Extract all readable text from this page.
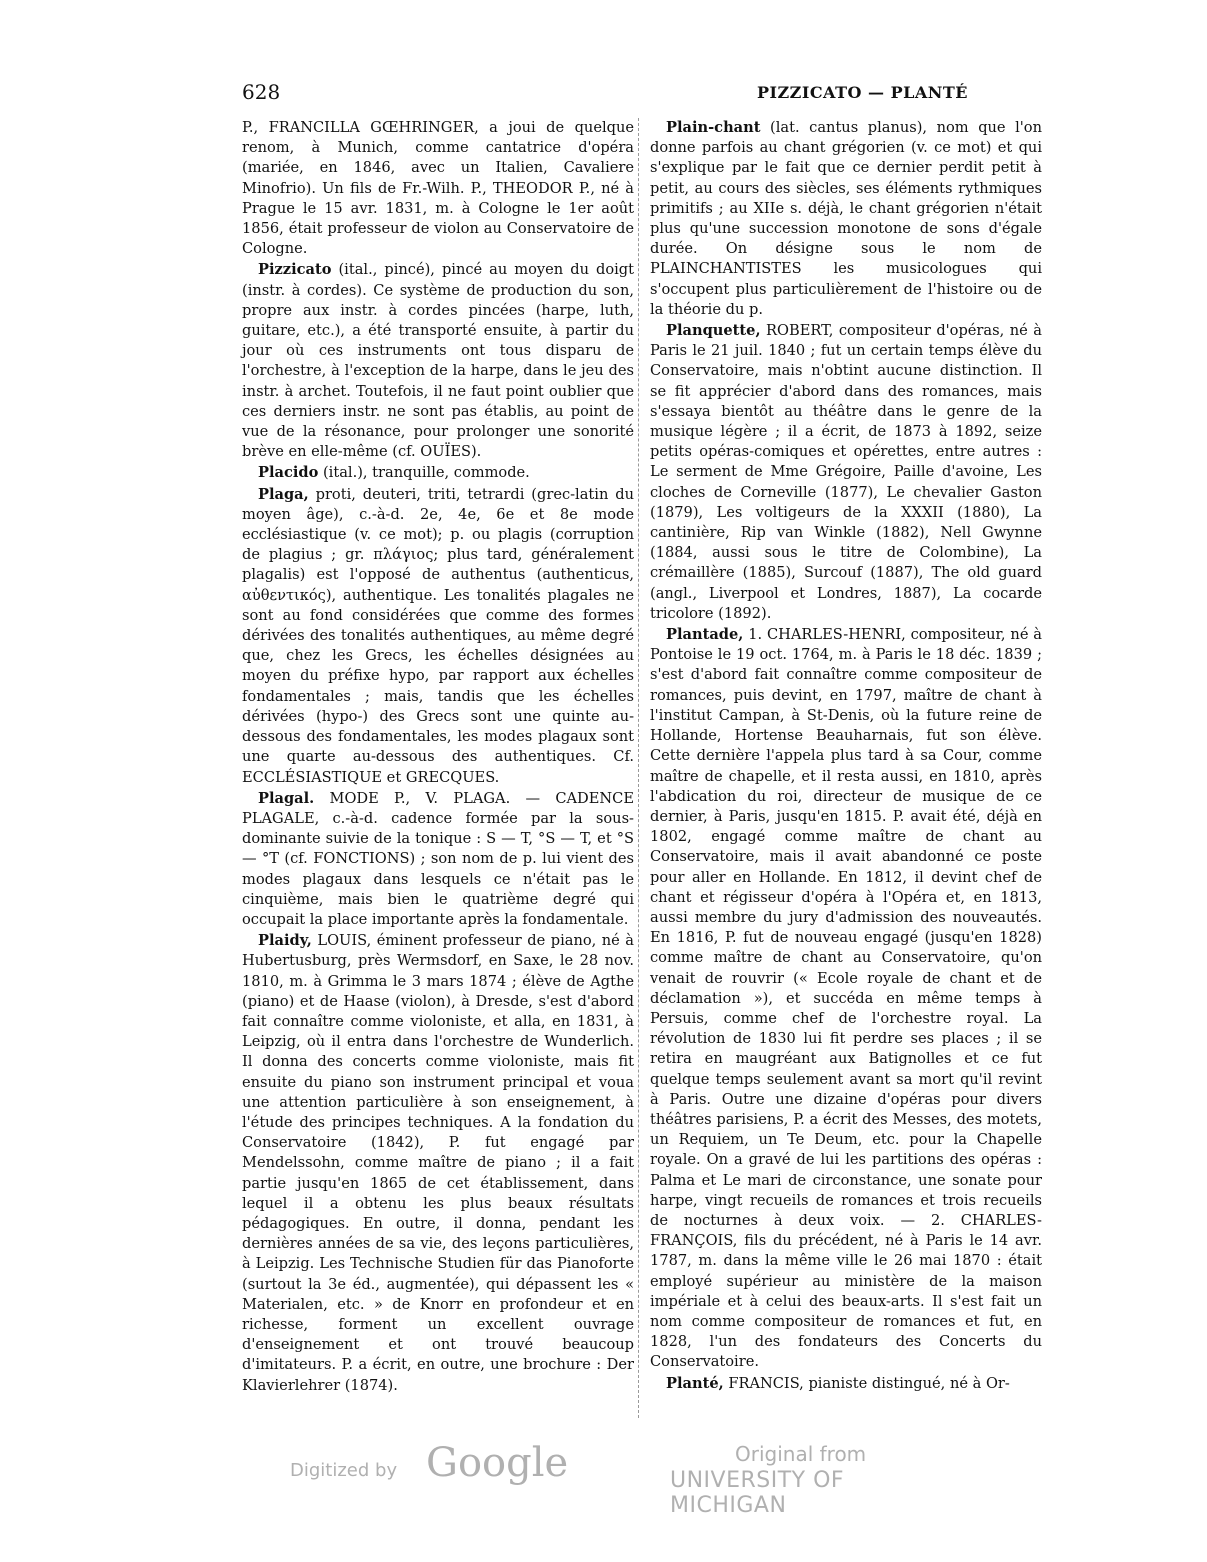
628	PIZZICATO — PLANTÉ

P., FRANCILLA GŒHRINGER, a joui de quelque renom, à Munich, comme cantatrice d'opéra (mariée, en 1846, avec un Italien, Cavaliere Minofrio). Un fils de Fr.-Wilh. P., THEODOR P., né à Prague le 15 avr. 1831, m. à Cologne le 1er août 1856, était professeur de violon au Conservatoire de Cologne.

Pizzicato (ital., pincé), pincé au moyen du doigt (instr. à cordes). Ce système de production du son, propre aux instr. à cordes pincées (harpe, luth, guitare, etc.), a été transporté ensuite, à partir du jour où ces instruments ont tous disparu de l'orchestre, à l'exception de la harpe, dans le jeu des instr. à archet. Toutefois, il ne faut point oublier que ces derniers instr. ne sont pas établis, au point de vue de la résonance, pour prolonger une sonorité brève en elle-même (cf. OUÏES).

Placido (ital.), tranquille, commode.

Plaga, proti, deuteri, triti, tetrardi (grec-latin du moyen âge), c.-à-d. 2e, 4e, 6e et 8e mode ecclésiastique (v. ce mot); p. ou plagis (corruption de plagius ; gr. πλάγιος; plus tard, généralement plagalis) est l'opposé de authentus (authenticus, αὐθεντικός), authentique. Les tonalités plagales ne sont au fond considérées que comme des formes dérivées des tonalités authentiques, au même degré que, chez les Grecs, les échelles désignées au moyen du préfixe hypo, par rapport aux échelles fondamentales ; mais, tandis que les échelles dérivées (hypo-) des Grecs sont une quinte au-dessous des fondamentales, les modes plagaux sont une quarte au-dessous des authentiques. Cf. ECCLÉSIASTIQUE et GRECQUES.

Plagal. MODE P., V. PLAGA. — CADENCE PLAGALE, c.-à-d. cadence formée par la sous-dominante suivie de la tonique : S — T, °S — T, et °S — °T (cf. FONCTIONS) ; son nom de p. lui vient des modes plagaux dans lesquels ce n'était pas le cinquième, mais bien le quatrième degré qui occupait la place importante après la fondamentale.

Plaidy, LOUIS, éminent professeur de piano, né à Hubertusburg, près Wermsdorf, en Saxe, le 28 nov. 1810, m. à Grimma le 3 mars 1874 ; élève de Agthe (piano) et de Haase (violon), à Dresde, s'est d'abord fait connaître comme violoniste, et alla, en 1831, à Leipzig, où il entra dans l'orchestre de Wunderlich. Il donna des concerts comme violoniste, mais fit ensuite du piano son instrument principal et voua une attention particulière à son enseignement, à l'étude des principes techniques. A la fondation du Conservatoire (1842), P. fut engagé par Mendelssohn, comme maître de piano ; il a fait partie jusqu'en 1865 de cet établissement, dans lequel il a obtenu les plus beaux résultats pédagogiques. En outre, il donna, pendant les dernières années de sa vie, des leçons particulières, à Leipzig. Les Technische Studien für das Pianoforte (surtout la 3e éd., augmentée), qui dépassent les « Materialen, etc. » de Knorr en profondeur et en richesse, forment un excellent ouvrage d'enseignement et ont trouvé beaucoup d'imitateurs. P. a écrit, en outre, une brochure : Der Klavierlehrer (1874).

Plain-chant (lat. cantus planus), nom que l'on donne parfois au chant grégorien (v. ce mot) et qui s'explique par le fait que ce dernier perdit petit à petit, au cours des siècles, ses éléments rythmiques primitifs ; au XIIe s. déjà, le chant grégorien n'était plus qu'une succession monotone de sons d'égale durée. On désigne sous le nom de PLAINCHANTISTES les musicologues qui s'occupent plus particulièrement de l'histoire ou de la théorie du p.

Planquette, ROBERT, compositeur d'opéras, né à Paris le 21 juil. 1840 ; fut un certain temps élève du Conservatoire, mais n'obtint aucune distinction. Il se fit apprécier d'abord dans des romances, mais s'essaya bientôt au théâtre dans le genre de la musique légère ; il a écrit, de 1873 à 1892, seize petits opéras-comiques et opérettes, entre autres : Le serment de Mme Grégoire, Paille d'avoine, Les cloches de Corneville (1877), Le chevalier Gaston (1879), Les voltigeurs de la XXXII (1880), La cantinière, Rip van Winkle (1882), Nell Gwynne (1884, aussi sous le titre de Colombine), La crémaillère (1885), Surcouf (1887), The old guard (angl., Liverpool et Londres, 1887), La cocarde tricolore (1892).

Plantade, 1. CHARLES-HENRI, compositeur, né à Pontoise le 19 oct. 1764, m. à Paris le 18 déc. 1839 ; s'est d'abord fait connaître comme compositeur de romances, puis devint, en 1797, maître de chant à l'institut Campan, à St-Denis, où la future reine de Hollande, Hortense Beauharnais, fut son élève. Cette dernière l'appela plus tard à sa Cour, comme maître de chapelle, et il resta aussi, en 1810, après l'abdication du roi, directeur de musique de ce dernier, à Paris, jusqu'en 1815. P. avait été, déjà en 1802, engagé comme maître de chant au Conservatoire, mais il avait abandonné ce poste pour aller en Hollande. En 1812, il devint chef de chant et régisseur d'opéra à l'Opéra et, en 1813, aussi membre du jury d'admission des nouveautés. En 1816, P. fut de nouveau engagé (jusqu'en 1828) comme maître de chant au Conservatoire, qu'on venait de rouvrir (« Ecole royale de chant et de déclamation »), et succéda en même temps à Persuis, comme chef de l'orchestre royal. La révolution de 1830 lui fit perdre ses places ; il se retira en maugréant aux Batignolles et ce fut quelque temps seulement avant sa mort qu'il revint à Paris. Outre une dizaine d'opéras pour divers théâtres parisiens, P. a écrit des Messes, des motets, un Requiem, un Te Deum, etc. pour la Chapelle royale. On a gravé de lui les partitions des opéras : Palma et Le mari de circonstance, une sonate pour harpe, vingt recueils de romances et trois recueils de nocturnes à deux voix. — 2. CHARLES-FRANÇOIS, fils du précédent, né à Paris le 14 avr. 1787, m. dans la même ville le 26 mai 1870 : était employé supérieur au ministère de la maison impériale et à celui des beaux-arts. Il s'est fait un nom comme compositeur de romances et fut, en 1828, l'un des fondateurs des Concerts du Conservatoire.

Planté, FRANCIS, pianiste distingué, né à Or-

Digitized by Google	Original from
UNIVERSITY OF MICHIGAN
